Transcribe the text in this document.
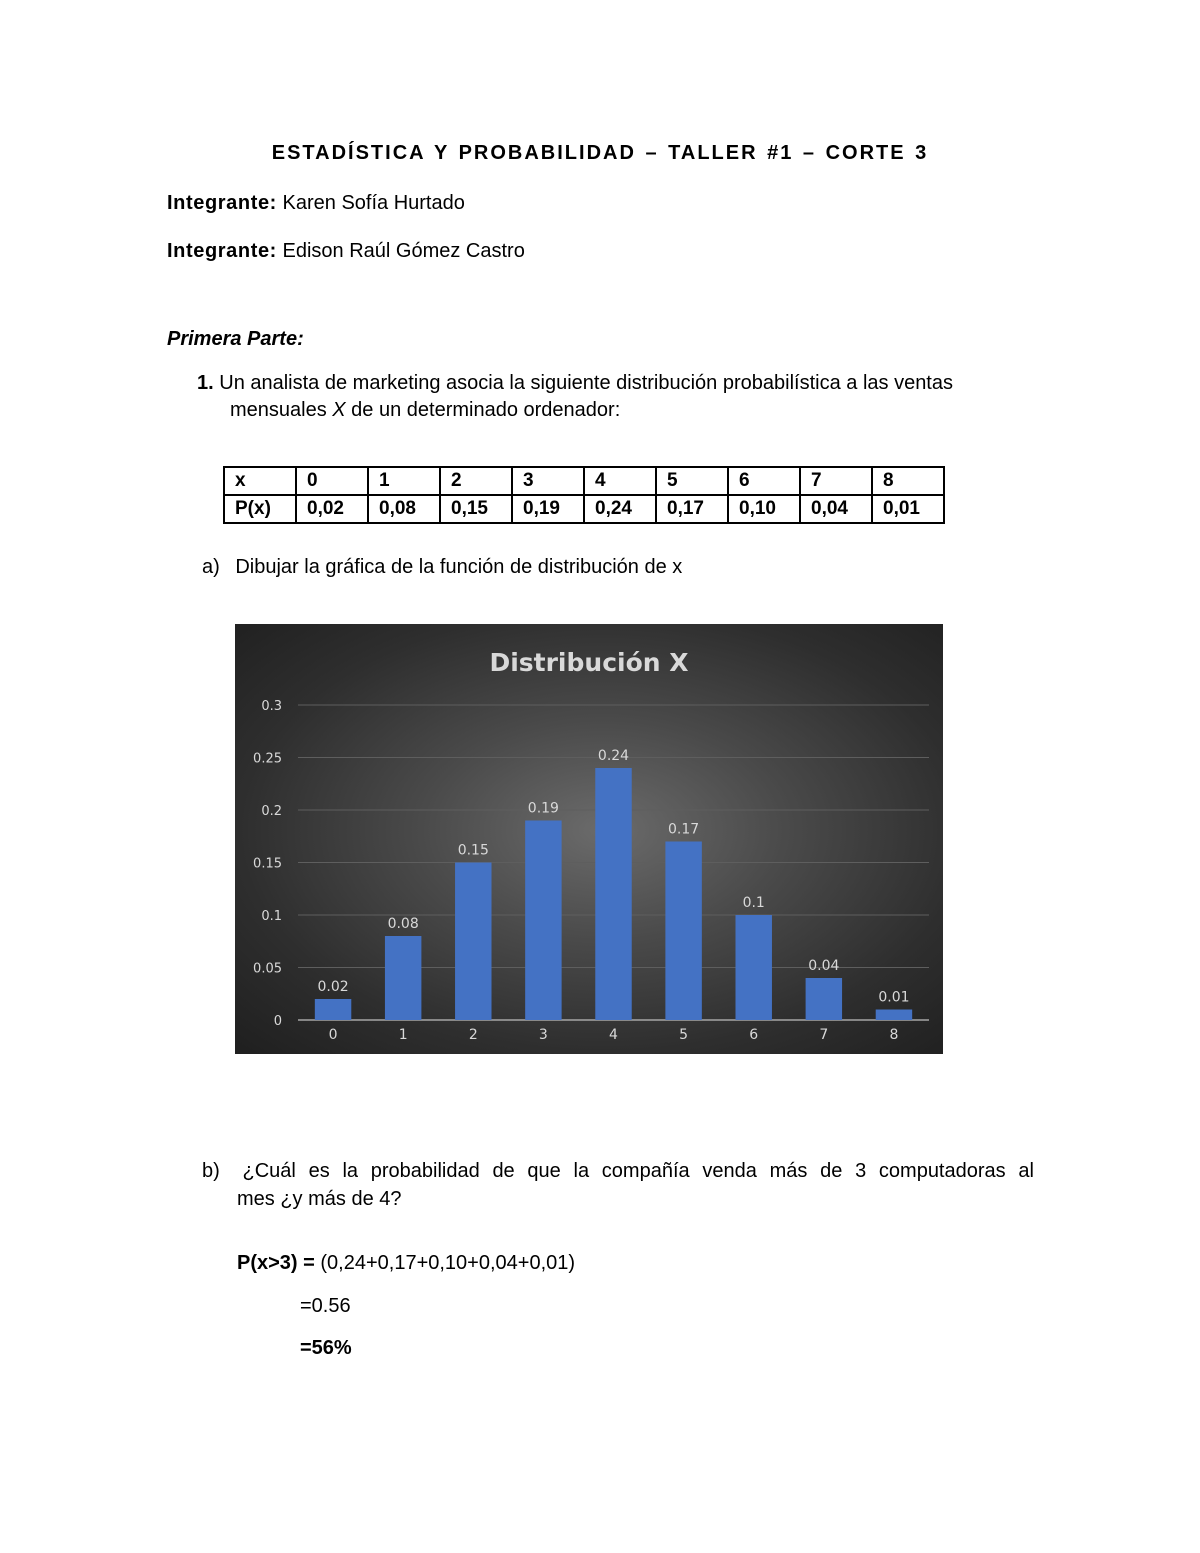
ESTADÍSTICA Y PROBABILIDAD – TALLER #1 – CORTE 3
Integrante: Karen Sofía Hurtado
Integrante: Edison Raúl Gómez Castro
Primera Parte:
1. Un analista de marketing asocia la siguiente distribución probabilística a las ventas
mensuales X de un determinado ordenador:
x	0	1	2	3	4	5	6	7	8
P(x)	0,02	0,08	0,15	0,19	0,24	0,17	0,10	0,04	0,01
a) Dibujar la gráfica de la función de distribución de x
Distribución X
0
0.05
0.1
0.15
0.2
0.25
0.3
0.02
0
0.08
1
0.15
2
0.19
3
0.24
4
0.17
5
0.1
6
0.04
7
0.01
8
b) ¿Cuál es la probabilidad de que la compañía venda más de 3 computadoras al
mes ¿y más de 4?
P(x>3) = (0,24+0,17+0,10+0,04+0,01)
=0.56
=56%
